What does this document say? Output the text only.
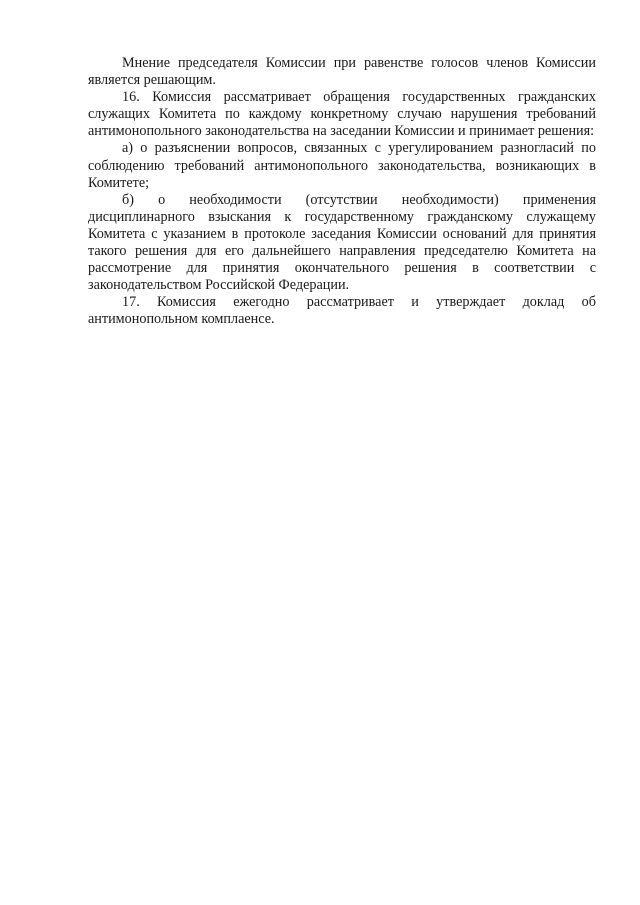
Мнение председателя Комиссии при равенстве голосов членов Комиссии является решающим.

16. Комиссия рассматривает обращения государственных гражданских служащих Комитета по каждому конкретному случаю нарушения требований антимонопольного законодательства на заседании Комиссии и принимает решения:

а) о разъяснении вопросов, связанных с урегулированием разногласий по соблюдению требований антимонопольного законодательства, возникающих в Комитете;

б) о необходимости (отсутствии необходимости) применения дисциплинарного взыскания к государственному гражданскому служащему Комитета с указанием в протоколе заседания Комиссии оснований для принятия такого решения для его дальнейшего направления председателю Комитета на рассмотрение для принятия окончательного решения в соответствии с законодательством Российской Федерации.

17. Комиссия ежегодно рассматривает и утверждает доклад об антимонопольном комплаенсе.
